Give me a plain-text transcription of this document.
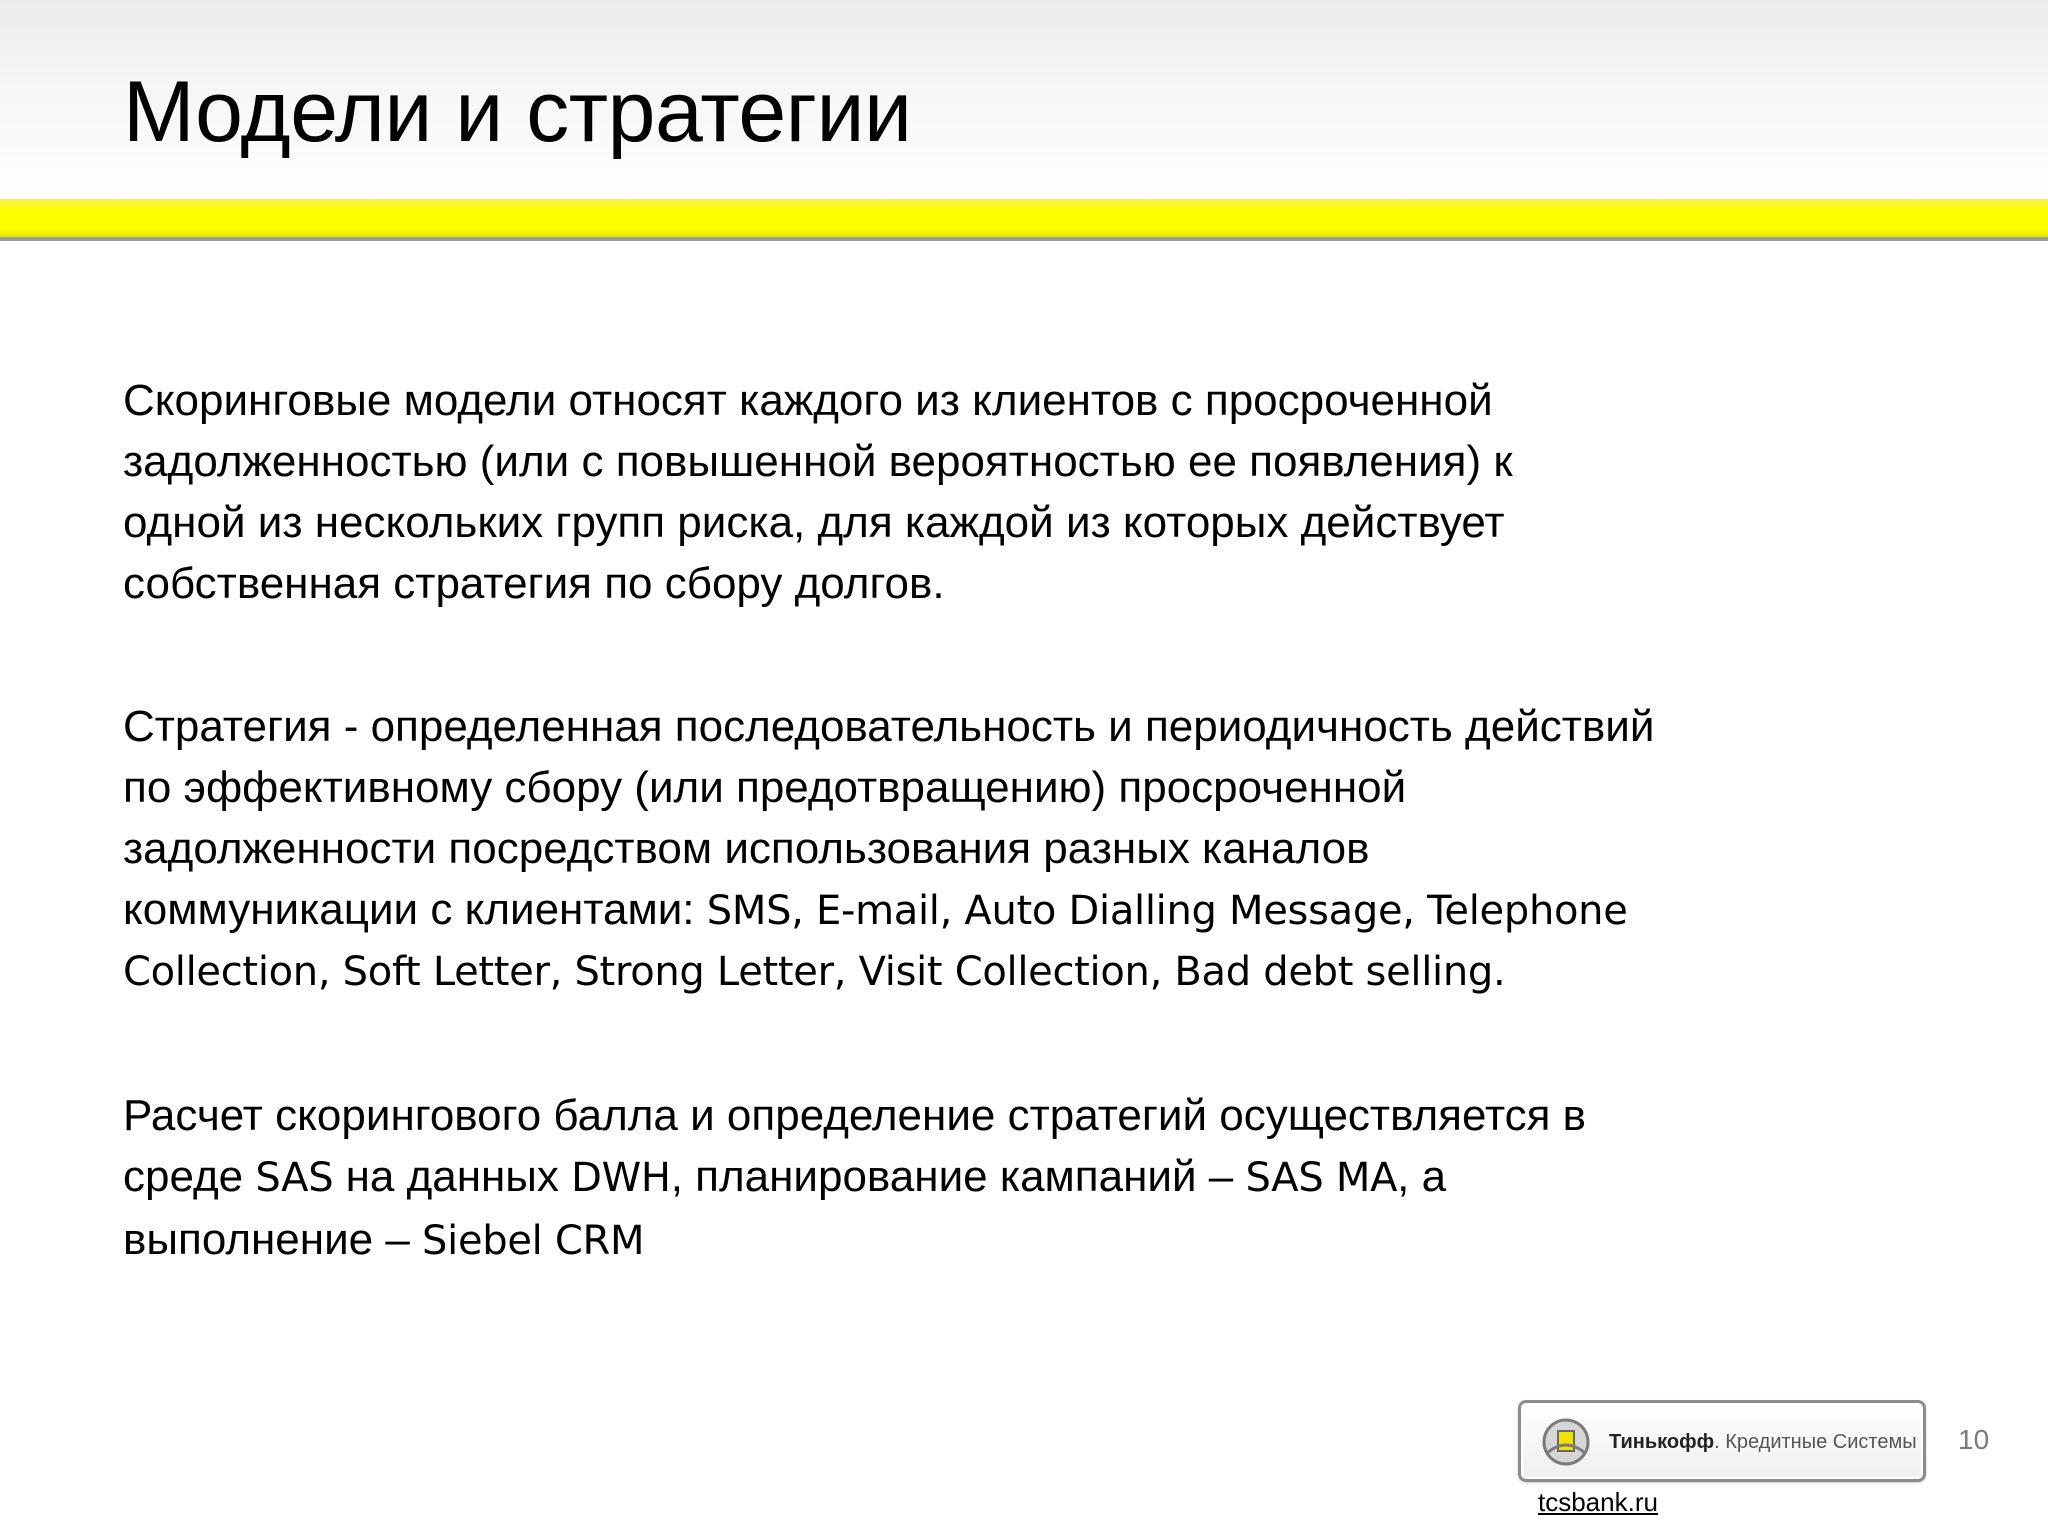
Модели и стратегии

Скоринговые модели относят каждого из клиентов с просроченной
задолженностью (или с повышенной вероятностью ее появления) к
одной из нескольких групп риска, для каждой из которых действует
собственная стратегия по сбору долгов.

Стратегия - определенная последовательность и периодичность действий
по эффективному сбору (или предотвращению) просроченной
задолженности посредством использования разных каналов
коммуникации с клиентами: SMS, E-mail, Auto Dialling Message, Telephone
Collection, Soft Letter, Strong Letter, Visit Collection, Bad debt selling.

Расчет скорингового балла и определение стратегий осуществляется в
среде SAS на данных DWH, планирование кампаний – SAS MA, а
выполнение – Siebel CRM

Тинькофф. Кредитные Системы 10
tcsbank.ru
